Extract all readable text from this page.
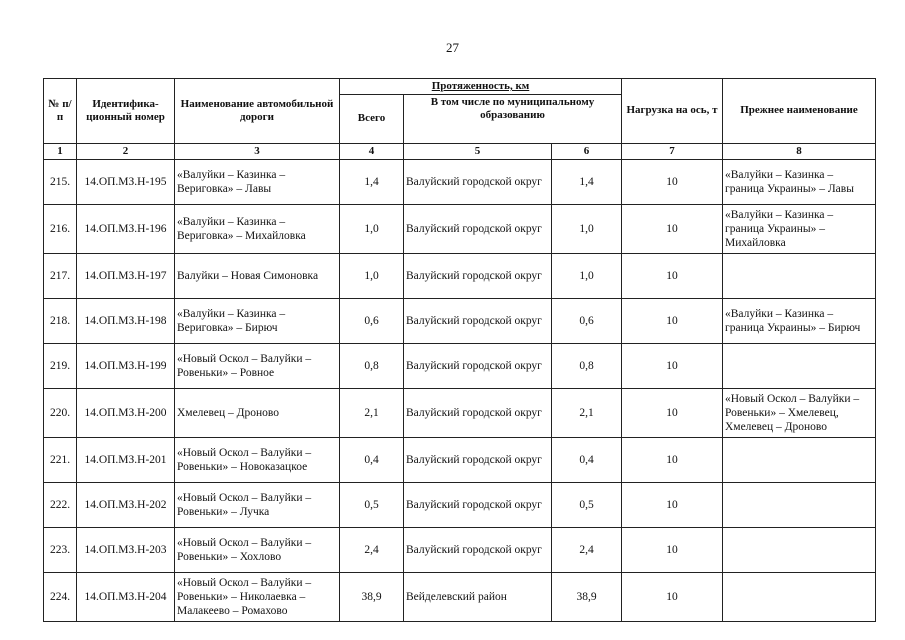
27
№ п/п	Идентифика-ционный номер	Наименование автомобильной дороги	Протяженность, км			Нагрузка на ось, т	Прежнее наименование
			Всего	В том числе по муниципальному образованию			

1	2	3	4	5	6	7	8
215.	14.ОП.МЗ.Н-195	«Валуйки – Казинка – Вериговка» – Лавы	1,4	Валуйский городской округ	1,4	10	«Валуйки – Казинка – граница Украины» – Лавы
216.	14.ОП.МЗ.Н-196	«Валуйки – Казинка – Вериговка» – Михайловка	1,0	Валуйский городской округ	1,0	10	«Валуйки – Казинка – граница Украины» – Михайловка
217.	14.ОП.МЗ.Н-197	Валуйки – Новая Симоновка	1,0	Валуйский городской округ	1,0	10	
218.	14.ОП.МЗ.Н-198	«Валуйки – Казинка – Вериговка» – Бирюч	0,6	Валуйский городской округ	0,6	10	«Валуйки – Казинка – граница Украины» – Бирюч
219.	14.ОП.МЗ.Н-199	«Новый Оскол – Валуйки – Ровеньки» – Ровное	0,8	Валуйский городской округ	0,8	10	
220.	14.ОП.МЗ.Н-200	Хмелевец – Дроново	2,1	Валуйский городской округ	2,1	10	«Новый Оскол – Валуйки – Ровеньки» – Хмелевец, Хмелевец – Дроново
221.	14.ОП.МЗ.Н-201	«Новый Оскол – Валуйки – Ровеньки» – Новоказацкое	0,4	Валуйский городской округ	0,4	10	
222.	14.ОП.МЗ.Н-202	«Новый Оскол – Валуйки – Ровеньки» – Лучка	0,5	Валуйский городской округ	0,5	10	
223.	14.ОП.МЗ.Н-203	«Новый Оскол – Валуйки – Ровеньки» – Хохлово	2,4	Валуйский городской округ	2,4	10	
224.	14.ОП.МЗ.Н-204	«Новый Оскол – Валуйки – Ровеньки» – Николаевка – Малакеево – Ромахово	38,9	Вейделевский район	38,9	10	
